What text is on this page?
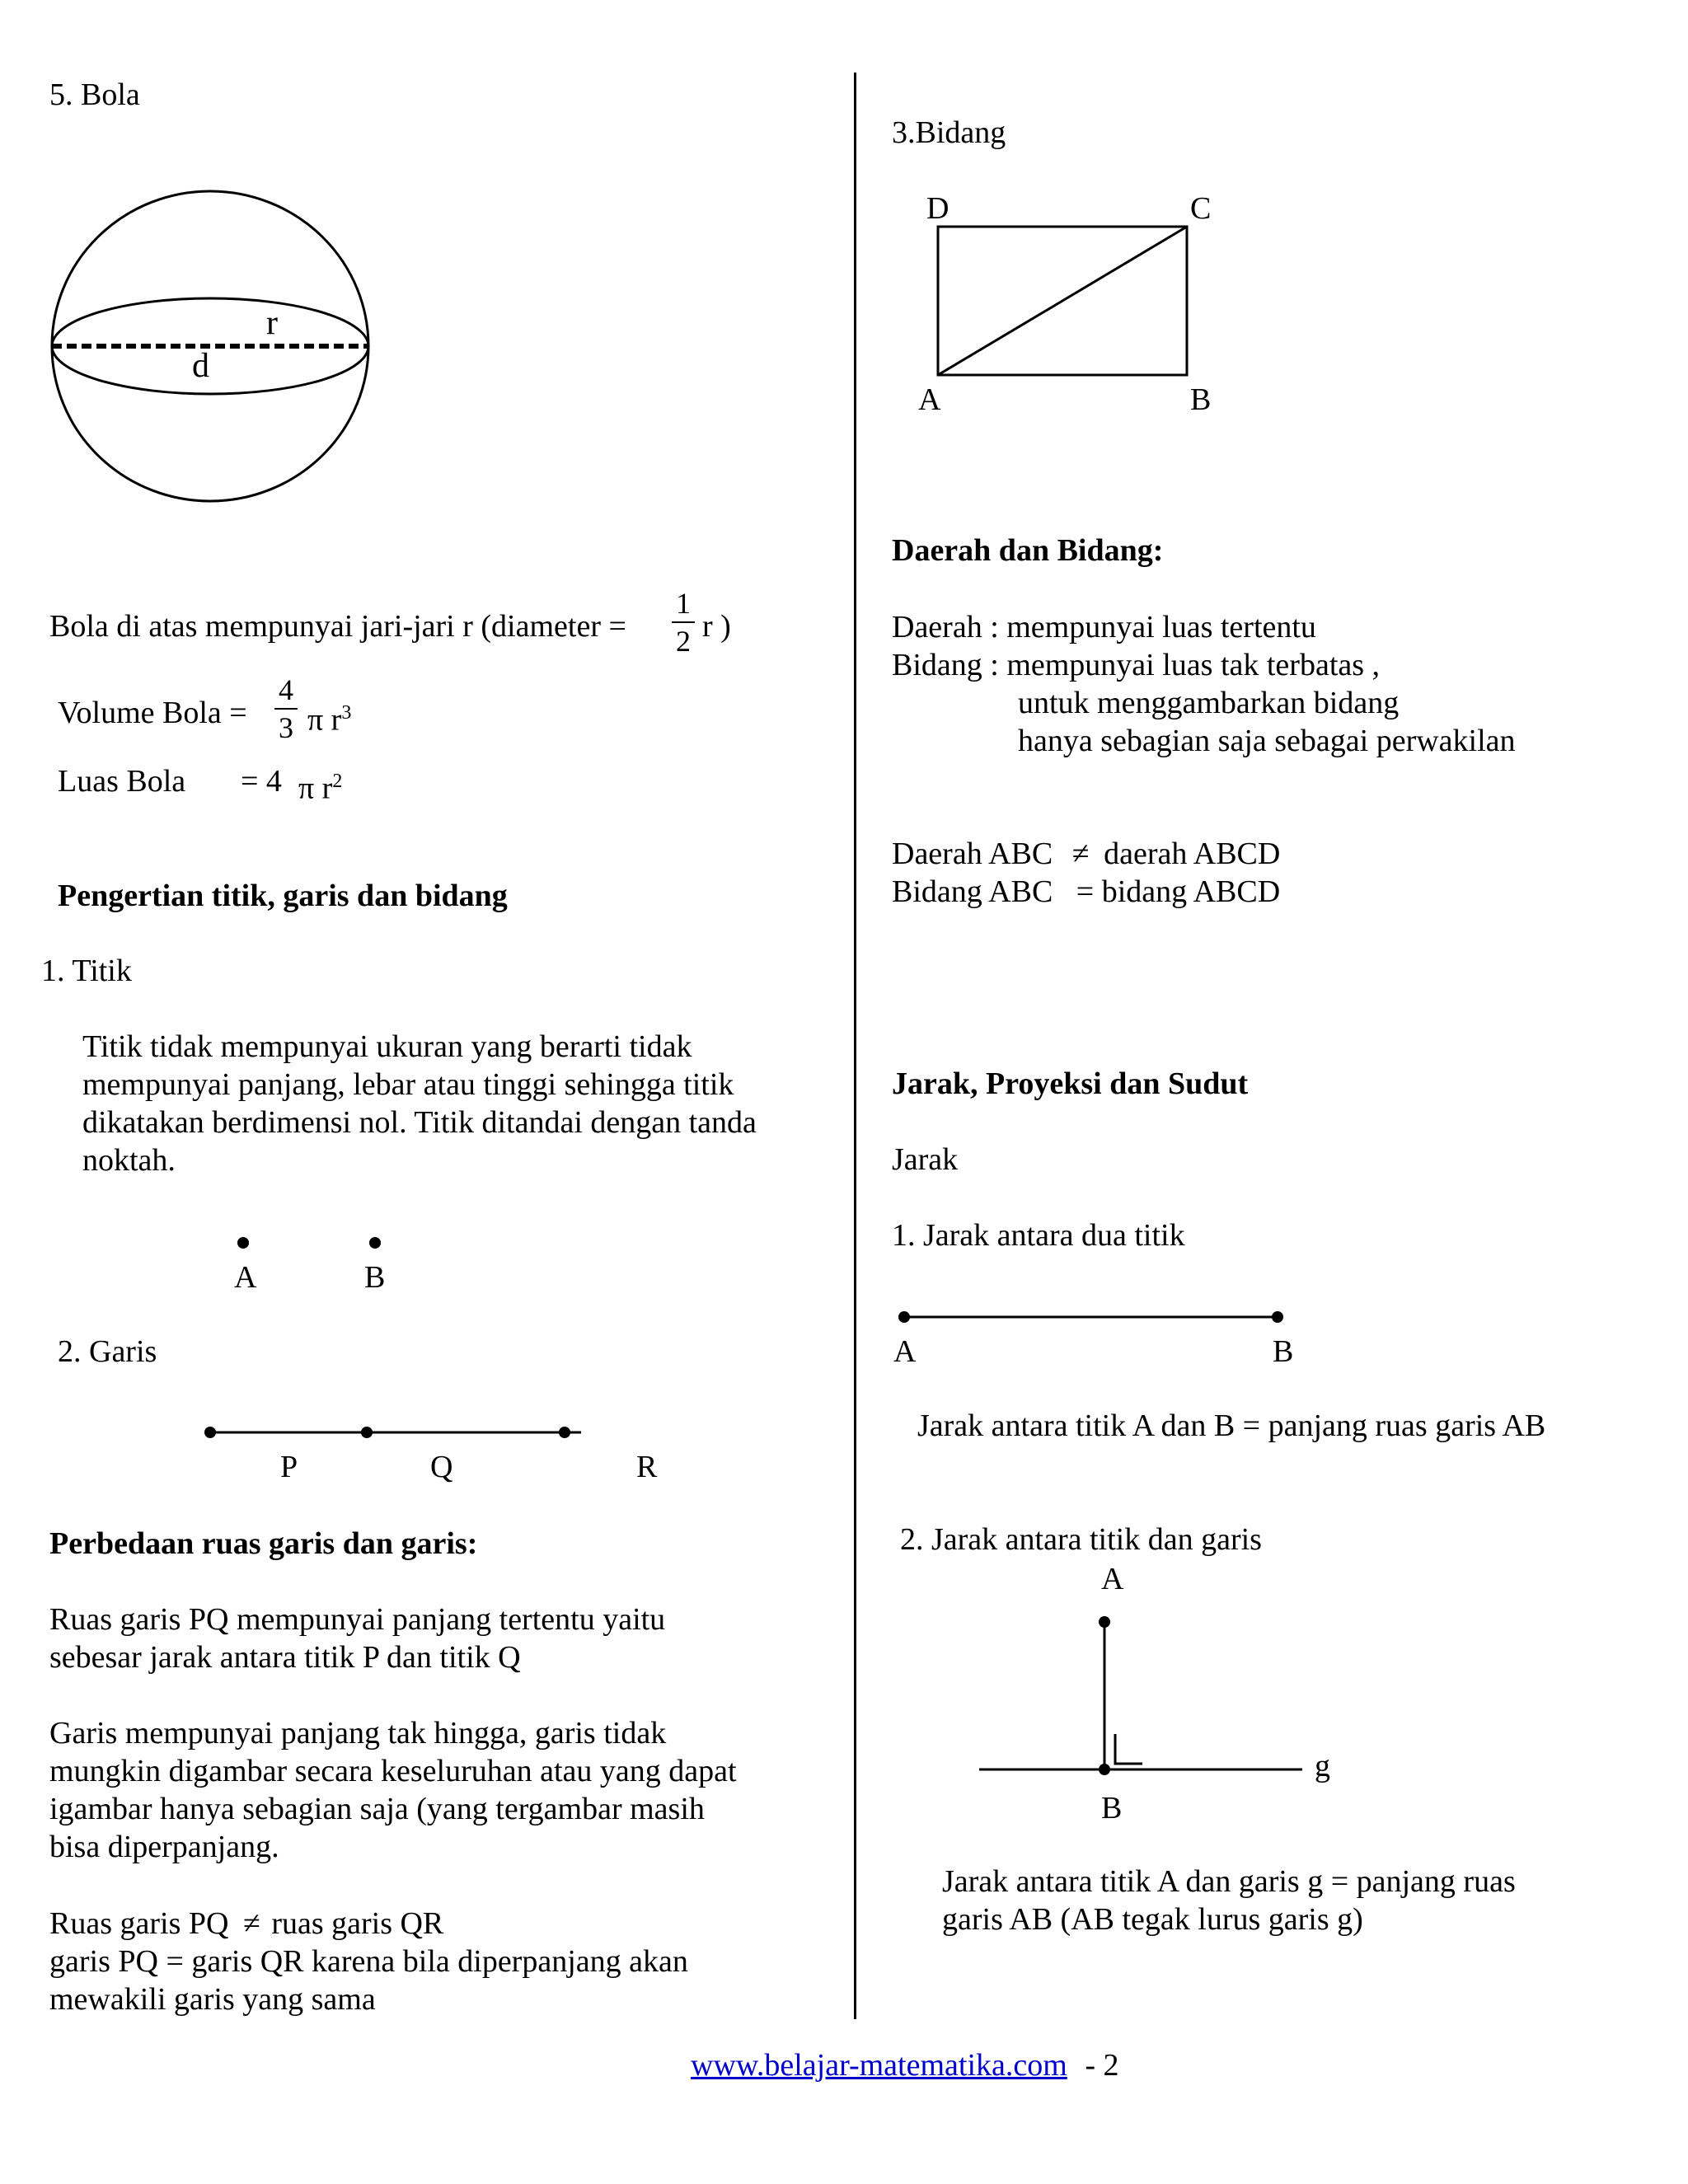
5. Bola
r
d
Bola di atas mempunyai jari-jari r (diameter =
1
2 r )
Volume Bola =
4
3 π $r^3$
Luas Bola = 4 π $r^2$
Pengertian titik, garis dan bidang
1. Titik
Titik tidak mempunyai ukuran yang berarti tidak
mempunyai panjang, lebar atau tinggi sehingga titik
dikatakan berdimensi nol. Titik ditandai dengan tanda
noktah.
A	B
2. Garis
P	Q	R
Perbedaan ruas garis dan garis:
Ruas garis PQ mempunyai panjang tertentu yaitu
sebesar jarak antara titik P dan titik Q
Garis mempunyai panjang tak hingga, garis tidak
mungkin digambar secara keseluruhan atau yang dapat
igambar hanya sebagian saja (yang tergambar masih
bisa diperpanjang.
Ruas garis PQ ≠ ruas garis QR
garis PQ = garis QR karena bila diperpanjang akan
mewakili garis yang sama
3.Bidang
D	C
A	B
Daerah dan Bidang:
Daerah : mempunyai luas tertentu
Bidang : mempunyai luas tak terbatas ,
untuk menggambarkan bidang
hanya sebagian saja sebagai perwakilan
Daerah ABC ≠ daerah ABCD
Bidang ABC   = bidang ABCD
Jarak, Proyeksi dan Sudut
Jarak
1. Jarak antara dua titik
A	B
Jarak antara titik A dan B = panjang ruas garis AB
2. Jarak antara titik dan garis
A
g
B
Jarak antara titik A dan garis g = panjang ruas
garis AB (AB tegak lurus garis g)
www.belajar-matematika.com - 2
